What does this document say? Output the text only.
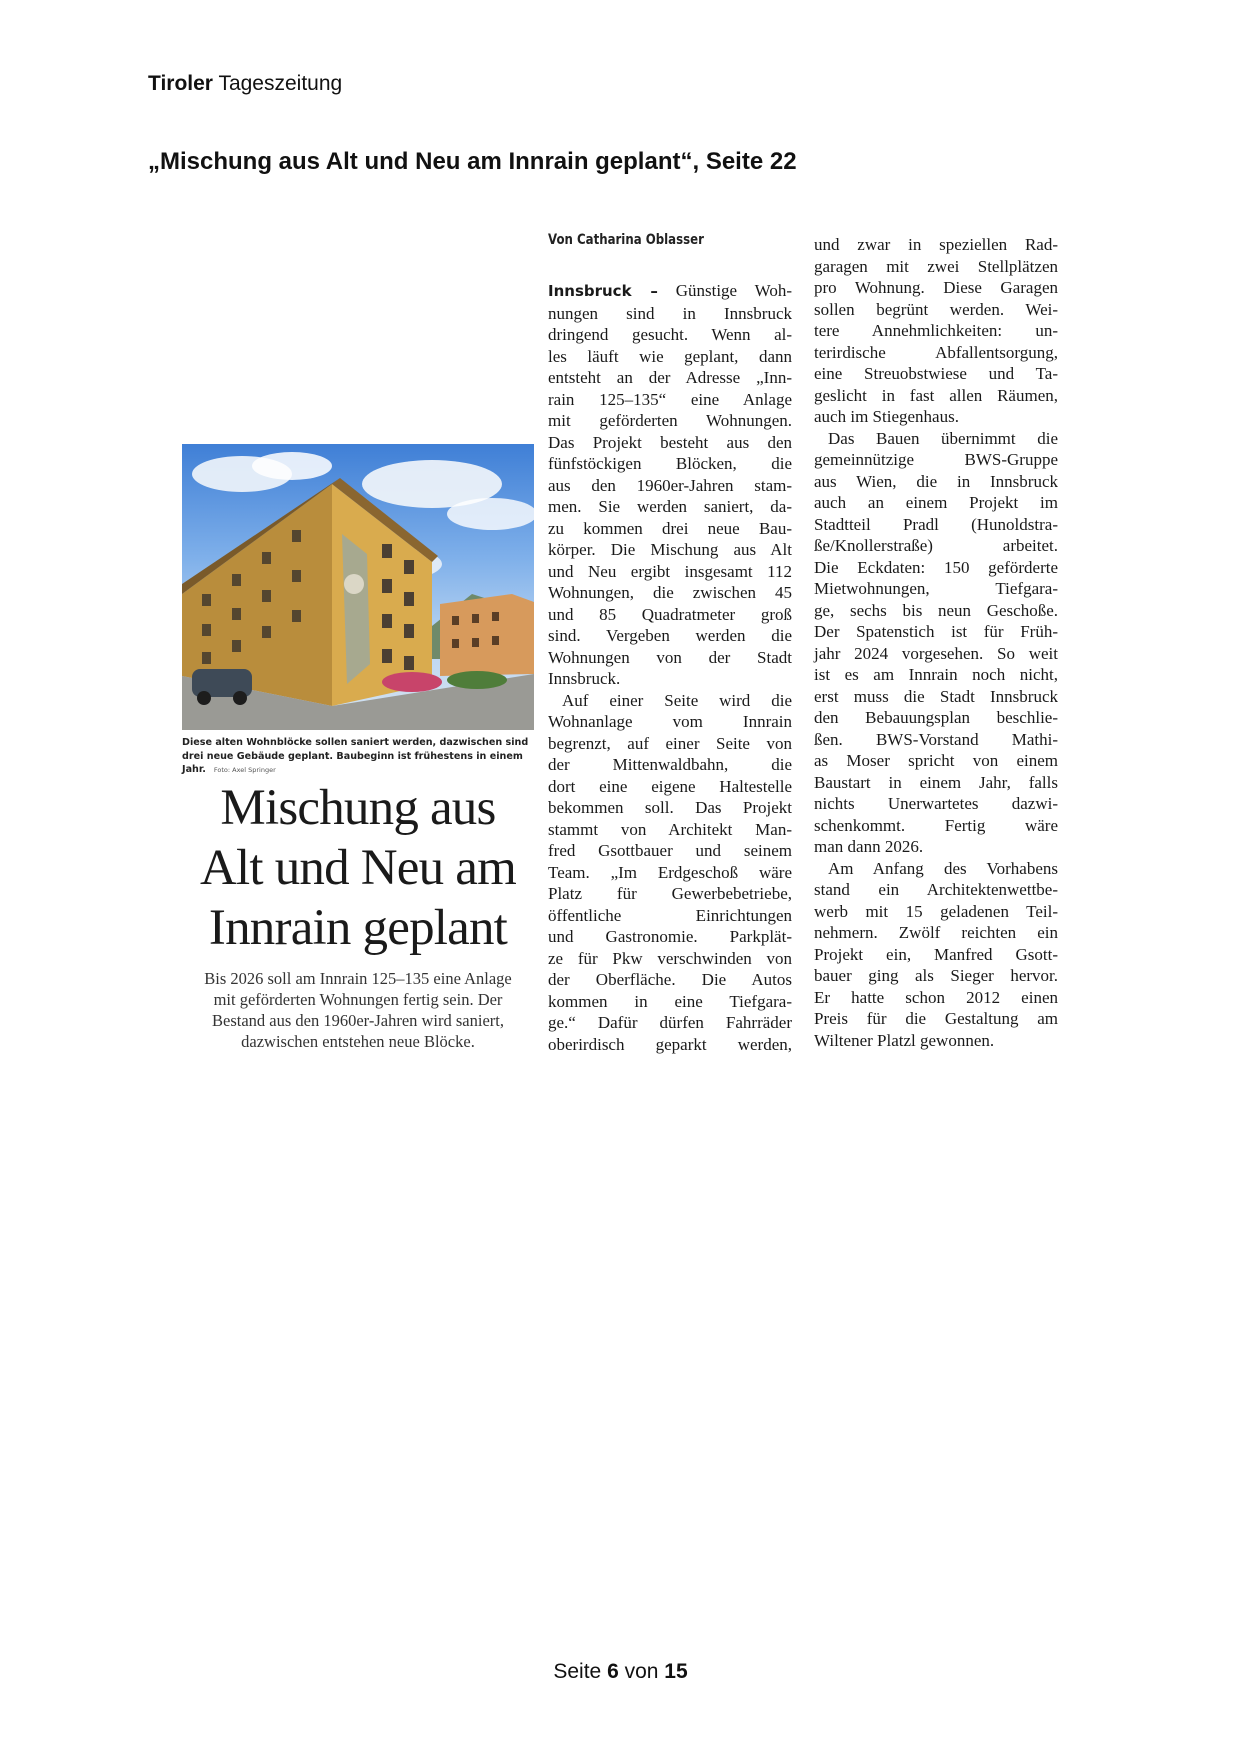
Tiroler Tageszeitung
„Mischung aus Alt und Neu am Innrain geplant“, Seite 22
Diese alten Wohnblöcke sollen saniert werden, dazwischen sind drei neue Gebäude geplant. Baubeginn ist frühestens in einem Jahr. Foto: Axel Springer
Mischung aus
Alt und Neu am
Innrain geplant
Bis 2026 soll am Innrain 125–135 eine Anlage
mit geförderten Wohnungen fertig sein. Der
Bestand aus den 1960er-Jahren wird saniert,
dazwischen entstehen neue Blöcke.
Von Catharina Oblasser
Innsbruck – Günstige Woh-
nungen sind in Innsbruck
dringend gesucht. Wenn al-
les läuft wie geplant, dann
entsteht an der Adresse „Inn-
rain 125–135“ eine Anlage
mit geförderten Wohnungen.
Das Projekt besteht aus den
fünfstöckigen Blöcken, die
aus den 1960er-Jahren stam-
men. Sie werden saniert, da-
zu kommen drei neue Bau-
körper. Die Mischung aus Alt
und Neu ergibt insgesamt 112
Wohnungen, die zwischen 45
und 85 Quadratmeter groß
sind. Vergeben werden die
Wohnungen von der Stadt
Innsbruck.
Auf einer Seite wird die
Wohnanlage vom Innrain
begrenzt, auf einer Seite von
der Mittenwaldbahn, die
dort eine eigene Haltestelle
bekommen soll. Das Projekt
stammt von Architekt Man-
fred Gsottbauer und seinem
Team. „Im Erdgeschoß wäre
Platz für Gewerbebetriebe,
öffentliche Einrichtungen
und Gastronomie. Parkplät-
ze für Pkw verschwinden von
der Oberfläche. Die Autos
kommen in eine Tiefgara-
ge.“ Dafür dürfen Fahrräder
oberirdisch geparkt werden,
und zwar in speziellen Rad-
garagen mit zwei Stellplätzen
pro Wohnung. Diese Garagen
sollen begrünt werden. Wei-
tere Annehmlichkeiten: un-
terirdische Abfallentsorgung,
eine Streuobstwiese und Ta-
geslicht in fast allen Räumen,
auch im Stiegenhaus.
Das Bauen übernimmt die
gemeinnützige BWS-Gruppe
aus Wien, die in Innsbruck
auch an einem Projekt im
Stadtteil Pradl (Hunoldstra-
ße/Knollerstraße) arbeitet.
Die Eckdaten: 150 geförderte
Mietwohnungen, Tiefgara-
ge, sechs bis neun Geschoße.
Der Spatenstich ist für Früh-
jahr 2024 vorgesehen. So weit
ist es am Innrain noch nicht,
erst muss die Stadt Innsbruck
den Bebauungsplan beschlie-
ßen. BWS-Vorstand Mathi-
as Moser spricht von einem
Baustart in einem Jahr, falls
nichts Unerwartetes dazwi-
schenkommt. Fertig wäre
man dann 2026.
Am Anfang des Vorhabens
stand ein Architektenwettbe-
werb mit 15 geladenen Teil-
nehmern. Zwölf reichten ein
Projekt ein, Manfred Gsott-
bauer ging als Sieger hervor.
Er hatte schon 2012 einen
Preis für die Gestaltung am
Wiltener Platzl gewonnen.
Seite 6 von 15
